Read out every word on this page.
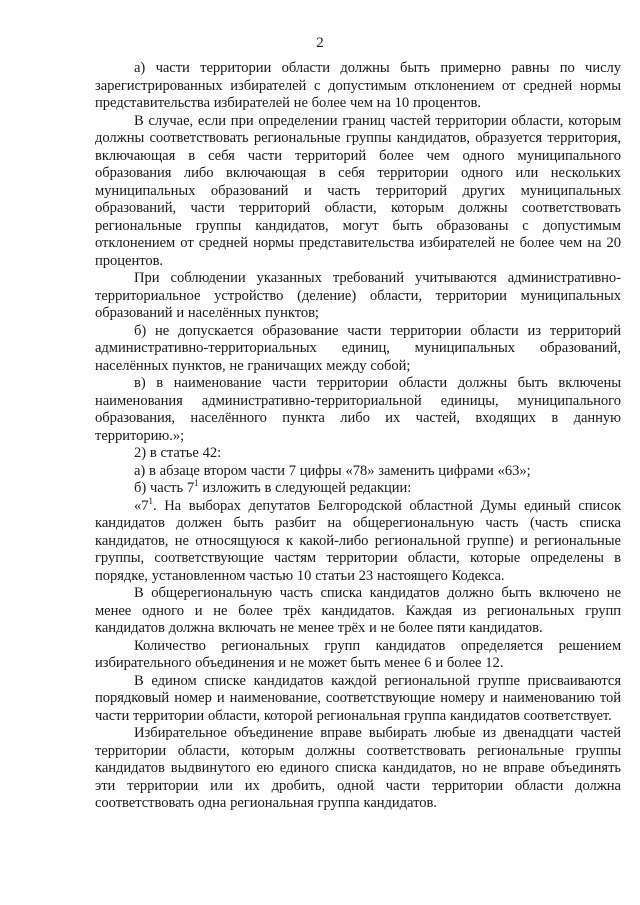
2

а) части территории области должны быть примерно равны по числу зарегистрированных избирателей с допустимым отклонением от средней нормы представительства избирателей не более чем на 10 процентов.

В случае, если при определении границ частей территории области, которым должны соответствовать региональные группы кандидатов, образуется территория, включающая в себя части территорий более чем одного муниципального образования либо включающая в себя территории одного или нескольких муниципальных образований и часть территорий других муниципальных образований, части территорий области, которым должны соответствовать региональные группы кандидатов, могут быть образованы с допустимым отклонением от средней нормы представительства избирателей не более чем на 20 процентов.

При соблюдении указанных требований учитываются административно-территориальное устройство (деление) области, территории муниципальных образований и населённых пунктов;

б) не допускается образование части территории области из территорий административно-территориальных единиц, муниципальных образований, населённых пунктов, не граничащих между собой;

в) в наименование части территории области должны быть включены наименования административно-территориальной единицы, муниципального образования, населённого пункта либо их частей, входящих в данную территорию.»;

2) в статье 42:

а) в абзаце втором части 7 цифры «78» заменить цифрами «63»;

б) часть $7^1$ изложить в следующей редакции:

«$7^1$. На выборах депутатов Белгородской областной Думы единый список кандидатов должен быть разбит на общерегиональную часть (часть списка кандидатов, не относящуюся к какой-либо региональной группе) и региональные группы, соответствующие частям территории области, которые определены в порядке, установленном частью 10 статьи 23 настоящего Кодекса.

В общерегиональную часть списка кандидатов должно быть включено не менее одного и не более трёх кандидатов. Каждая из региональных групп кандидатов должна включать не менее трёх и не более пяти кандидатов.

Количество региональных групп кандидатов определяется решением избирательного объединения и не может быть менее 6 и более 12.

В едином списке кандидатов каждой региональной группе присваиваются порядковый номер и наименование, соответствующие номеру и наименованию той части территории области, которой региональная группа кандидатов соответствует.

Избирательное объединение вправе выбирать любые из двенадцати частей территории области, которым должны соответствовать региональные группы кандидатов выдвинутого ею единого списка кандидатов, но не вправе объединять эти территории или их дробить, одной части территории области должна соответствовать одна региональная группа кандидатов.
